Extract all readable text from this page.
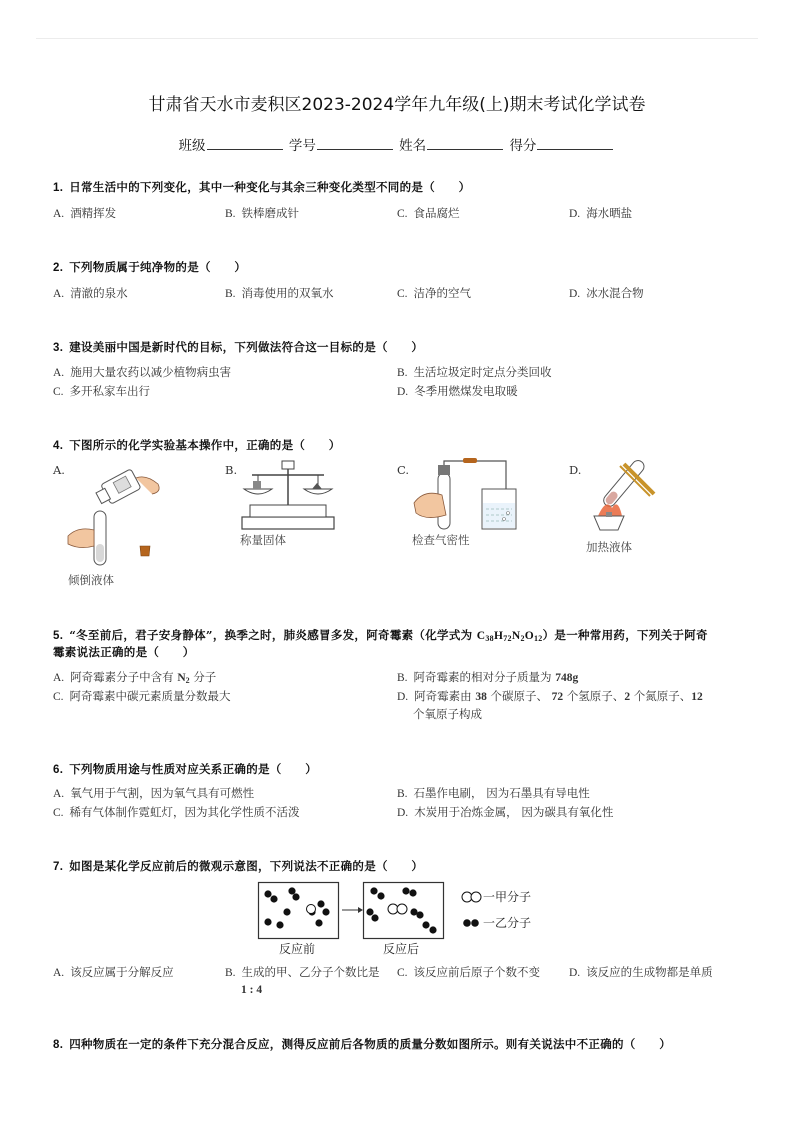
甘肃省天水市麦积区2023-2024学年九年级(上)期末考试化学试卷
班级	学号	姓名	得分
1. 日常生活中的下列变化，其中一种变化与其余三种变化类型不同的是（　　）
A. 酒精挥发	B. 铁棒磨成针	C. 食品腐烂	D. 海水晒盐
2. 下列物质属于纯净物的是（　　）
A. 清澈的泉水	B. 消毒使用的双氧水	C. 洁净的空气	D. 冰水混合物
3. 建设美丽中国是新时代的目标，下列做法符合这一目标的是（　　）
A. 施用大量农药以减少植物病虫害	B. 生活垃圾定时定点分类回收
C. 多开私家车出行	D. 冬季用燃煤发电取暖
4. 下图所示的化学实验基本操作中，正确的是（　　）
A.	B.	C.	D.
倾倒液体
称量固体	检查气密性	加热液体
5. “冬至前后，君子安身静体”，换季之时，肺炎感冒多发，阿奇霉素（化学式为 $C_{38}H_{72}N_2O_{12}$）是一种常用药，下列关于阿奇
霉素说法正确的是（　　）
A. 阿奇霉素分子中含有 $N_2$ 分子	B. 阿奇霉素的相对分子质量为 748g
C. 阿奇霉素中碳元素质量分数最大	D. 阿奇霉素由 38 个碳原子、 72 个氢原子、2 个氮原子、12
个氧原子构成
6. 下列物质用途与性质对应关系正确的是（　　）
A. 氧气用于气割，因为氧气具有可燃性	B. 石墨作电刷， 因为石墨具有导电性
C. 稀有气体制作霓虹灯，因为其化学性质不活泼	D. 木炭用于冶炼金属， 因为碳具有氧化性
7. 如图是某化学反应前后的微观示意图，下列说法不正确的是（　　）
一甲分子
一乙分子
反应前	反应后
A. 该反应属于分解反应	B. 生成的甲、乙分子个数比是
1 : 4
C. 该反应前后原子个数不变	D. 该反应的生成物都是单质
8. 四种物质在一定的条件下充分混合反应，测得反应前后各物质的质量分数如图所示。则有关说法中不正确的（　　）
